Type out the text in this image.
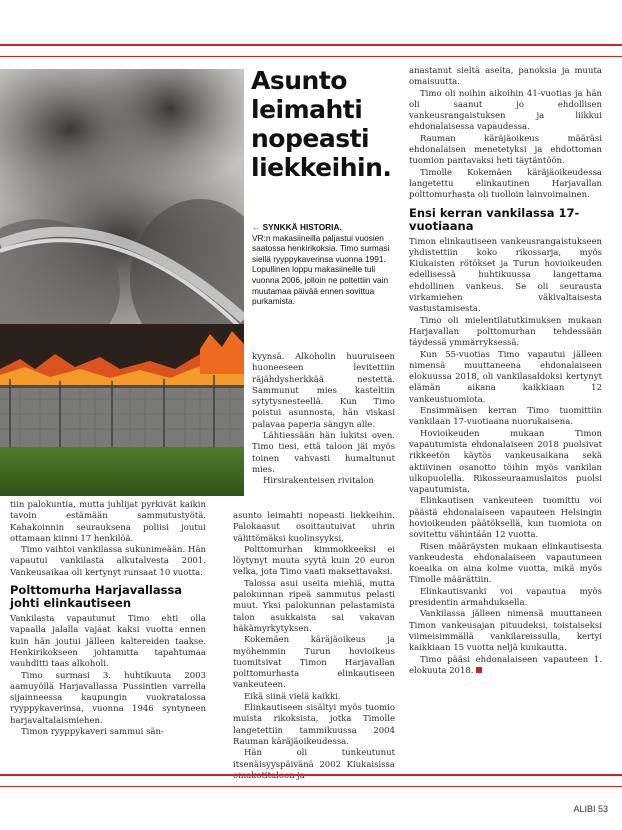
Asunto leimahti nopeasti liekkeihin.
← SYNKKÄ HISTORIA.
VR:n makasiineilla paljastui vuosien saatossa henkirikoksia. Timo surmasi siellä ryyppykaverinsa vuonna 1991. Lopullinen loppu makasiineille tuli vuonna 2006, jolloin ne poltettiin vain muutamaa päivää ennen sovittua purkamista.

tiin palokuntia, mutta juhlijat pyrkivät kaikin tavoin estämään sammutustyötä. Kahakoinnin seurauksena poliisi joutui ottamaan kiinni 17 henkilöä.

Timo vaihtoi vankilassa sukunimeään. Hän vapautui vankilasta alkutalvesta 2001. Vankeusaikaa oli kertynyt runsaat 10 vuotta.

Polttomurha Harjavallassa johti elinkautiseen

Vankilasta vapautunut Timo ehti olla vapaalla jalalla vajaat kaksi vuotta ennen kuin hän joutui jälleen kaltereiden taakse. Henkirikokseen johtanutta tapahtumaa vauhditti taas alkoholi.

Timo surmasi 3. huhtikuuta 2003 aamuyöllä Harjavallassa Pussintien varrella sijainneessa kaupungin vuokratalossa ryyppykaverinsa, vuonna 1946 syntyneen harjavaltalaismiehen.

Timon ryyppykaveri sammui sän-

kyynsä. Alkoholin huuruiseen huoneeseen levitettiin räjähdysherkkää nestettä. Sammunut mies kasteltiin sytytysnesteellä. Kun Timo poistui asunnosta, hän viskasi palavaa paperia sängyn alle.

Lähtiessään hän lukitsi oven. Timo tiesi, että taloon jäi myös toinen vahvasti humaltunut mies.

Hirsirakenteisen rivitalon

asunto leimahti nopeasti liekkeihin. Palokaasut osoittautuivat uhrin välittömäksi kuolinsyyksi.

Polttomurhan kimmokkeeksi ei löytynyt muuta syytä kuin 20 euron velka, jota Timo vaati maksettavaksi.

Talossa asui useita miehiä, mutta palokunnan ripeä sammutus pelasti muut. Yksi palokunnan pelastamista talon asukkaista sai vakavan häkämyrkytyksen.

Kokemäen käräjäoikeus ja myöhemmin Turun hovioikeus tuomitsivat Timon Harjavallan polttomurhasta elinkautiseen vankeuteen.

Eikä siinä vielä kaikki.

Elinkautiseen sisältyi myös tuomio muista rikoksista, jotka Timolle langetettiin tammikuussa 2004 Rauman käräjäoikeudessa.

Hän oli tunkeutunut itsenäisyyspäivänä 2002 Kiukaisissa

anastanut sieltä aseita, panoksia ja muuta omaisuutta.

Timo oli noihin aikoihin 41-vuotias ja hän oli saanut jo ehdollisen vankeusrangaistuksen ja liikkui ehdonalaisessa vapaudessa.

Rauman käräjäoikeus määräsi ehdonalaisen menetetyksi ja ehdottoman tuomion pantavaksi heti täytäntöön.

Timolle Kokemäen käräjäoikeudessa langetettu elinkautinen Harjavallan polttomurhasta oli tuolloin lainvoimainen.

Ensi kerran vankilassa 17-vuotiaana

Timon elinkautiseen vankeusrangaistukseen yhdistettiin koko rikossarja, myös Kiukaisten rötökset ja Turun hovioikeuden edellisessä huhtikuussa langettama ehdollinen vankeus. Se oli seurausta virkamiehen väkivaltaisesta vastustamisesta.

Timo oli mielentilatutkimuksen mukaan Harjavallan polttomurhan tehdessään täydessä ymmärryksessä.

Kun 55-vuotias Timo vapautui jälleen nimensä muuttaneena ehdonalaiseen elokuussa 2018, oli vankilasaldoksi kertynyt elämän aikana kaikkiaan 12 vankeustuomiota.

Ensimmäisen kerran Timo tuomittiin vankilaan 17-vuotiaana nuorukaisena.

Hovioikeuden mukaan Timon vapautumista ehdonalaiseen 2018 puolsivat rikkeetön käytös vankeusaikana sekä aktiivinen osanotto töihin myös vankilan ulkopuolella. Rikosseuraamuslaitos puolsi vapautumista.

Elinkautisen vankeuteen tuomittu voi päästä ehdonalaiseen vapauteen Helsingin hovioikeuden päätöksellä, kun tuomiota on sovitettu vähintään 12 vuotta.

Risen määräysten mukaan elinkautisesta vankeudesta ehdonalaiseen vapautuneen koeaika on aina kolme vuotta, mikä myös Timolle määrättiin.

Elinkautisvanki voi vapautua myös presidentin armahduksella.

Vankilassa jälleen nimensä muuttaneen Timon vankeusajan pituudeksi, toistaiseksi viimeisimmällä vankilareissulla, kertyi kaikkiaan 15 vuotta neljä kuukautta.

Timo pääsi ehdonalaiseen vapauteen 1. elokuuta 2018.

ALIBI 53
